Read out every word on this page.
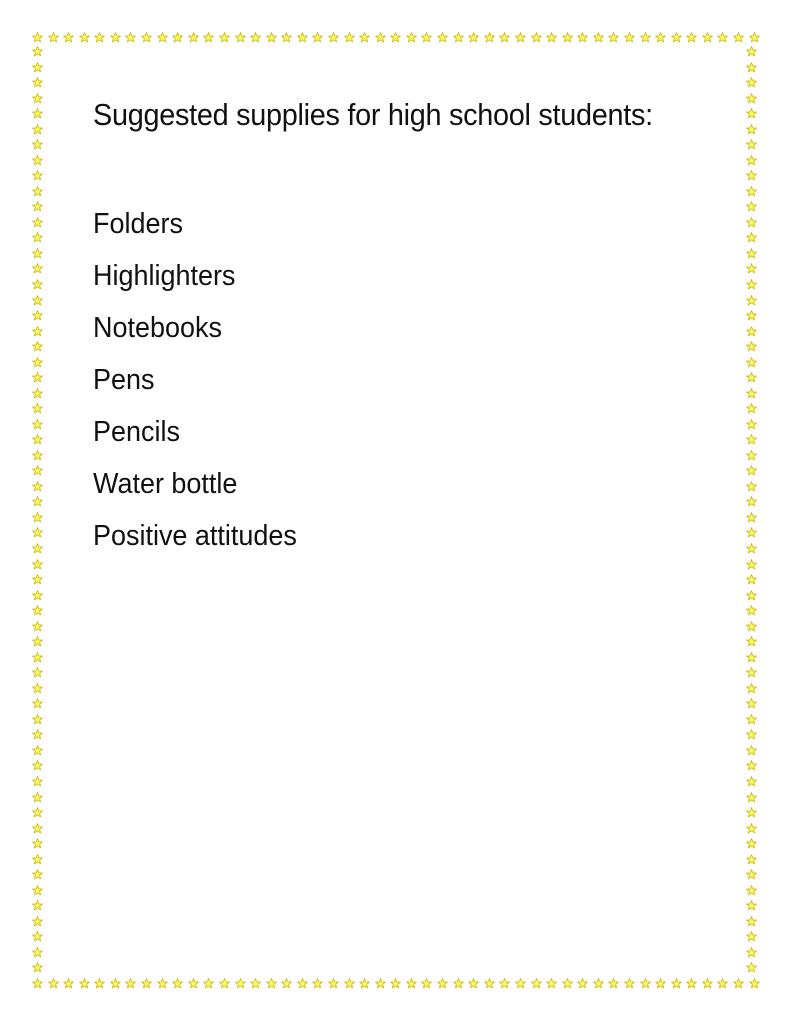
Suggested supplies for high school students:
Folders
Highlighters
Notebooks
Pens
Pencils
Water bottle
Positive attitudes
